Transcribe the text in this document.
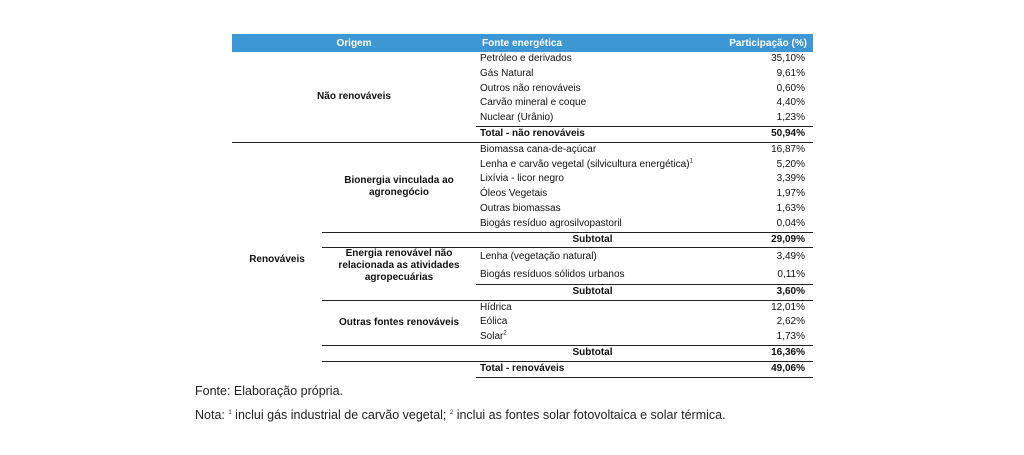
Origem		Fonte energética	Participação (%)
Não renováveis		Petróleo e derivados	35,10%
		Gás Natural	9,61%
		Outros não renováveis	0,60%
		Carvão mineral e coque	4,40%
		Nuclear (Urânio)	1,23%
		Total - não renováveis	50,94%
Renováveis	Bionergia vinculada ao agronegócio	Biomassa cana-de-açúcar	16,87%
		Lenha e carvão vegetal (silvicultura energética)$^1$	5,20%
		Lixívia - licor negro	3,39%
		Óleos Vegetais	1,97%
		Outras biomassas	1,63%
		Biogás resíduo agrosilvopastoril	0,04%
		Subtotal	29,09%
	Energia renovável não relacionada as atividades agropecuárias	Lenha (vegetação natural)	3,49%
		Biogás resíduos sólidos urbanos	0,11%
		Subtotal	3,60%
	Outras fontes renováveis	Hídrica	12,01%
		Eólica	2,62%
		Solar$^2$	1,73%
		Subtotal	16,36%
		Total - renováveis	49,06%
Fonte: Elaboração própria.
Nota: $^1$ inclui gás industrial de carvão vegetal; $^2$ inclui as fontes solar fotovoltaica e solar térmica.
